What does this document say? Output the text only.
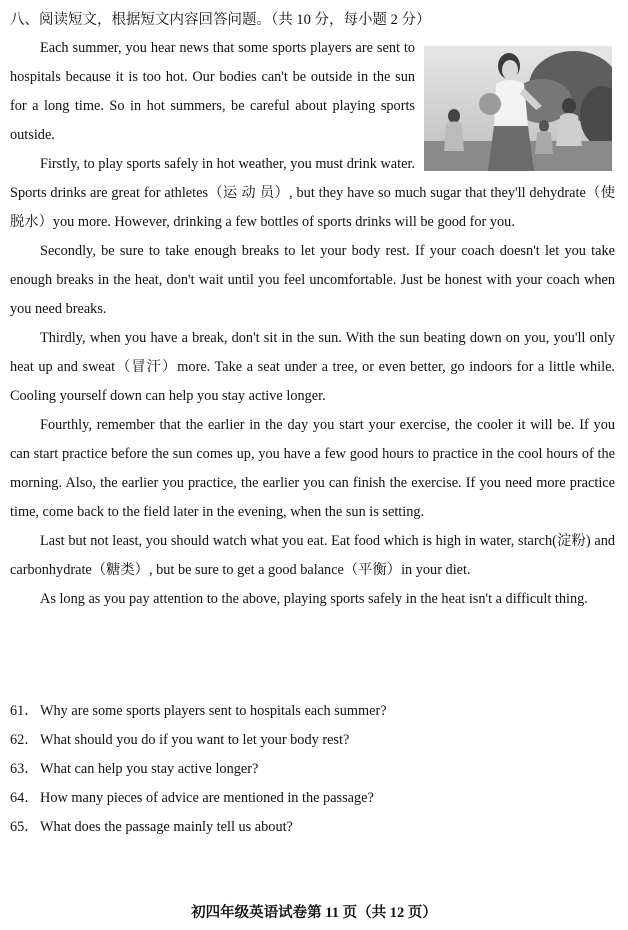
八、阅读短文，根据短文内容回答问题。（共 10 分，每小题 2 分）

Each summer, you hear news that some sports players are sent to hospitals because it is too hot. Our bodies can't be outside in the sun for a long time. So in hot summers, be careful about playing sports outside.

Firstly, to play sports safely in hot weather, you must drink water. Sports drinks are great for athletes（运 动 员）, but they have so much sugar that they'll dehydrate（使脱水）you more. However, drinking a few bottles of sports drinks will be good for you.

Secondly, be sure to take enough breaks to let your body rest. If your coach doesn't let you take enough breaks in the heat, don't wait until you feel uncomfortable. Just be honest with your coach when you need breaks.

Thirdly, when you have a break, don't sit in the sun. With the sun beating down on you, you'll only heat up and sweat（冒汗）more. Take a seat under a tree, or even better, go indoors for a little while. Cooling yourself down can help you stay active longer.

Fourthly, remember that the earlier in the day you start your exercise, the cooler it will be. If you can start practice before the sun comes up, you have a few good hours to practice in the cool hours of the morning. Also, the earlier you practice, the earlier you can finish the exercise. If you need more practice time, come back to the field later in the evening, when the sun is setting.

Last but not least, you should watch what you eat. Eat food which is high in water, starch(淀粉) and carbonhydrate（糖类）, but be sure to get a good balance（平衡）in your diet.

As long as you pay attention to the above, playing sports safely in the heat isn't a difficult thing.

61．Why are some sports players sent to hospitals each summer?
62．What should you do if you want to let your body rest?
63．What can help you stay active longer?
64．How many pieces of advice are mentioned in the passage?
65．What does the passage mainly tell us about?
初四年级英语试卷第 11 页（共 12 页）
